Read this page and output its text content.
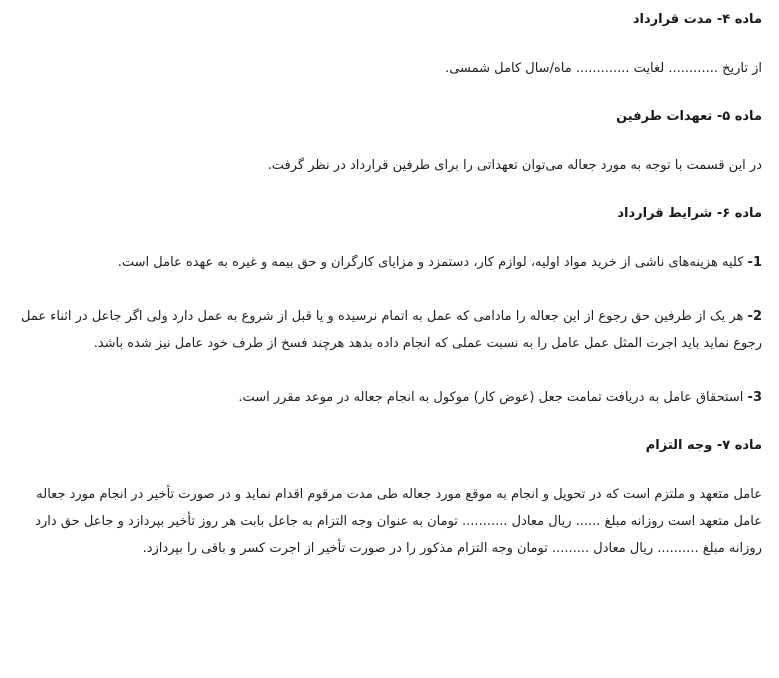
ماده ۴- مدت قرارداد
از تاریخ ............ لغایت ............. ماه/سال کامل شمسی.
ماده ۵- تعهدات طرفین
در این قسمت با توجه به مورد جعاله می‌توان تعهداتی را برای طرفین قرارداد در نظر گرفت.
ماده ۶- شرایط قرارداد
1- کلیه هزینه‌های ناشی از خرید مواد اولیه، لوازم کار، دستمزد و مزایای کارگران و حق بیمه و غیره به عهده عامل است.
2- هر یک از طرفین حق رجوع از این جعاله را مادامی که عمل به اتمام نرسیده و یا قبل از شروع به عمل دارد ولی اگر جاعل در اثناء عمل رجوع نماید باید اجرت المثل عمل عامل را به نسبت عملی که انجام داده بدهد هرچند فسخ از طرف خود عامل نیز شده باشد.
3- استحقاق عامل به دریافت تمامت جعل (عوض کار) موکول به انجام جعاله در موعد مقرر است.
ماده ۷- وجه التزام
عامل متعهد و ملتزم است که در تحویل و انجام به موقع مورد جعاله طی مدت مرقوم اقدام نماید و در صورت تأخیر در انجام مورد جعاله عامل متعهد است روزانه مبلغ ...... ریال معادل ........... تومان به عنوان وجه التزام به جاعل بابت هر روز تأخیر بپردازد و جاعل حق دارد روزانه مبلغ .......... ریال معادل ......... تومان وجه التزام مذکور را در صورت تأخیر از اجرت کسر و باقی را بپردازد.
